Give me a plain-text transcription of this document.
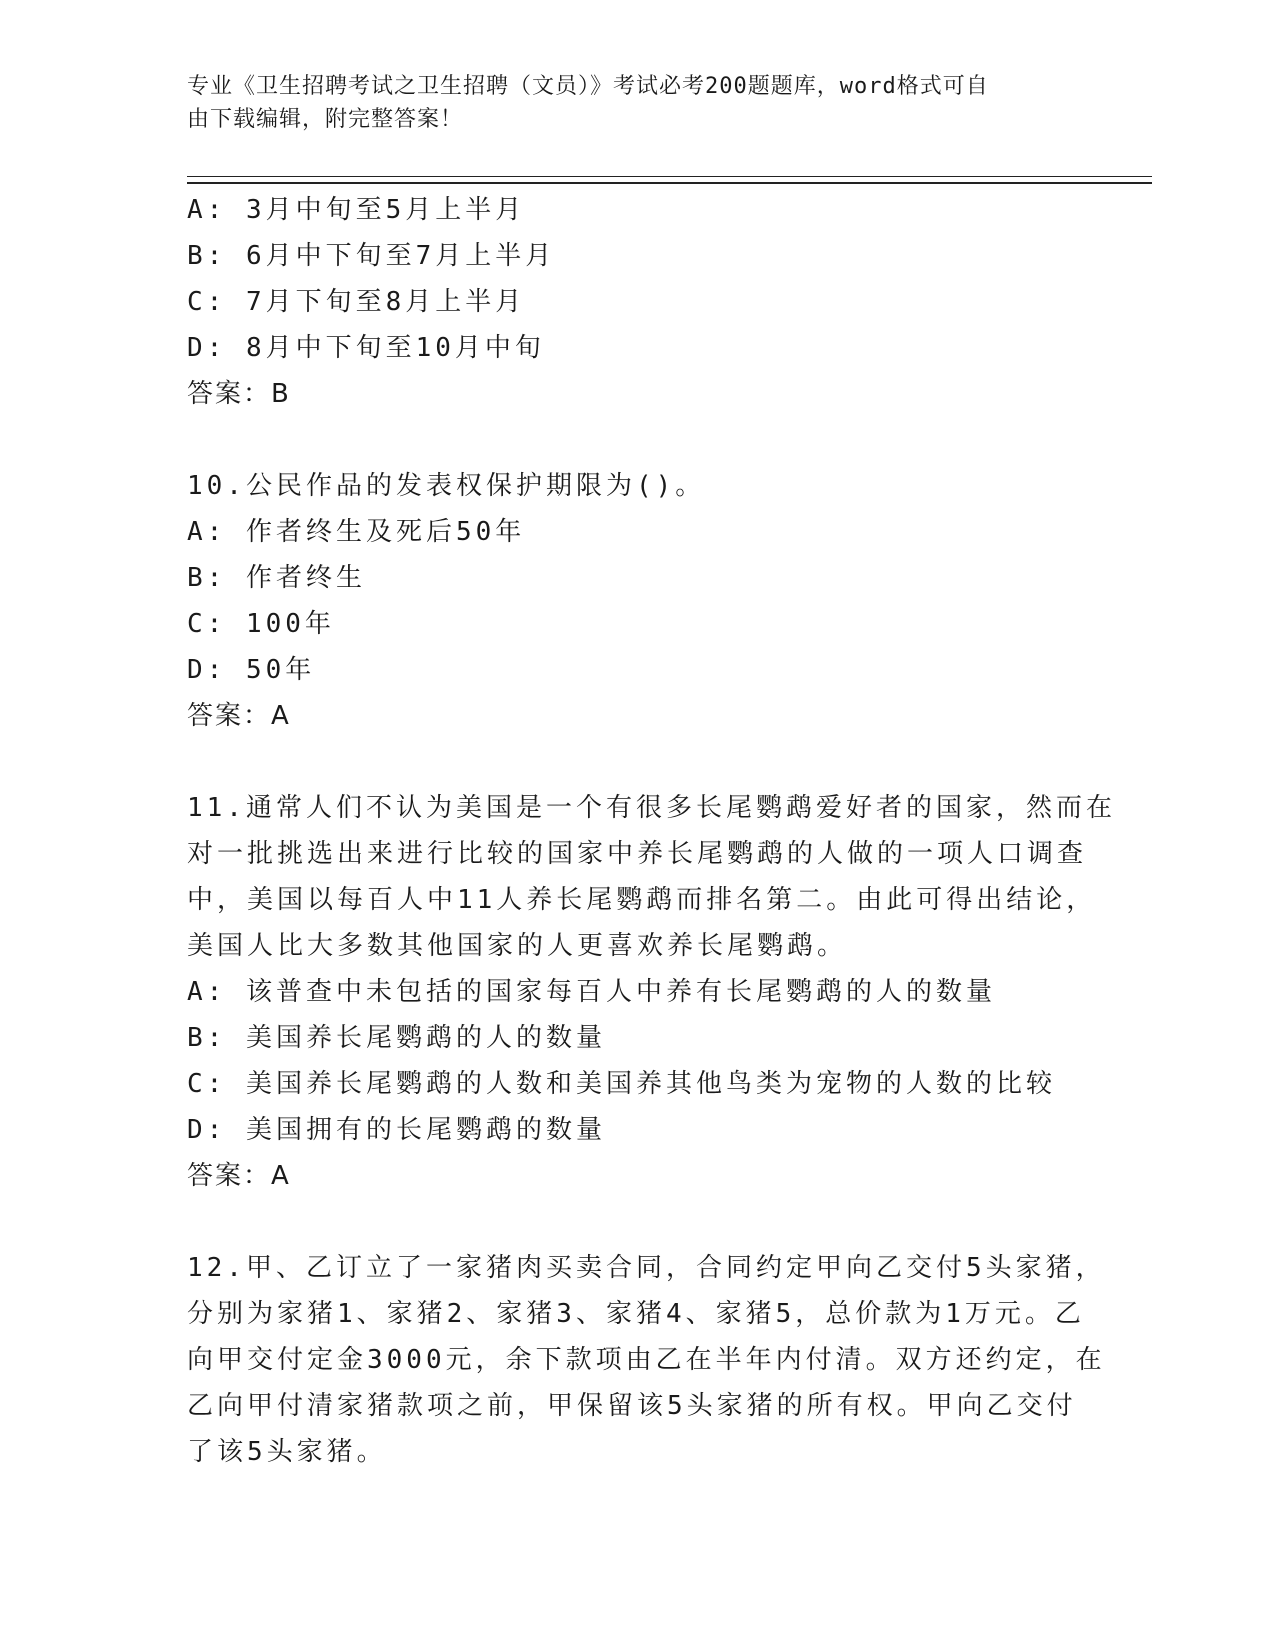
专业《卫生招聘考试之卫生招聘（文员）》考试必考200题题库，word格式可自
由下载编辑，附完整答案！
A: 3月中旬至5月上半月
B: 6月中下旬至7月上半月
C: 7月下旬至8月上半月
D: 8月中下旬至10月中旬
答案：B
10.公民作品的发表权保护期限为()。
A: 作者终生及死后50年
B: 作者终生
C: 100年
D: 50年
答案：A
11.通常人们不认为美国是一个有很多长尾鹦鹉爱好者的国家，然而在
对一批挑选出来进行比较的国家中养长尾鹦鹉的人做的一项人口调查
中，美国以每百人中11人养长尾鹦鹉而排名第二。由此可得出结论，
美国人比大多数其他国家的人更喜欢养长尾鹦鹉。
A: 该普查中未包括的国家每百人中养有长尾鹦鹉的人的数量
B: 美国养长尾鹦鹉的人的数量
C: 美国养长尾鹦鹉的人数和美国养其他鸟类为宠物的人数的比较
D: 美国拥有的长尾鹦鹉的数量
答案：A
12.甲、乙订立了一家猪肉买卖合同，合同约定甲向乙交付5头家猪，
分别为家猪1、家猪2、家猪3、家猪4、家猪5，总价款为1万元。乙
向甲交付定金3000元，余下款项由乙在半年内付清。双方还约定，在
乙向甲付清家猪款项之前，甲保留该5头家猪的所有权。甲向乙交付
了该5头家猪。
